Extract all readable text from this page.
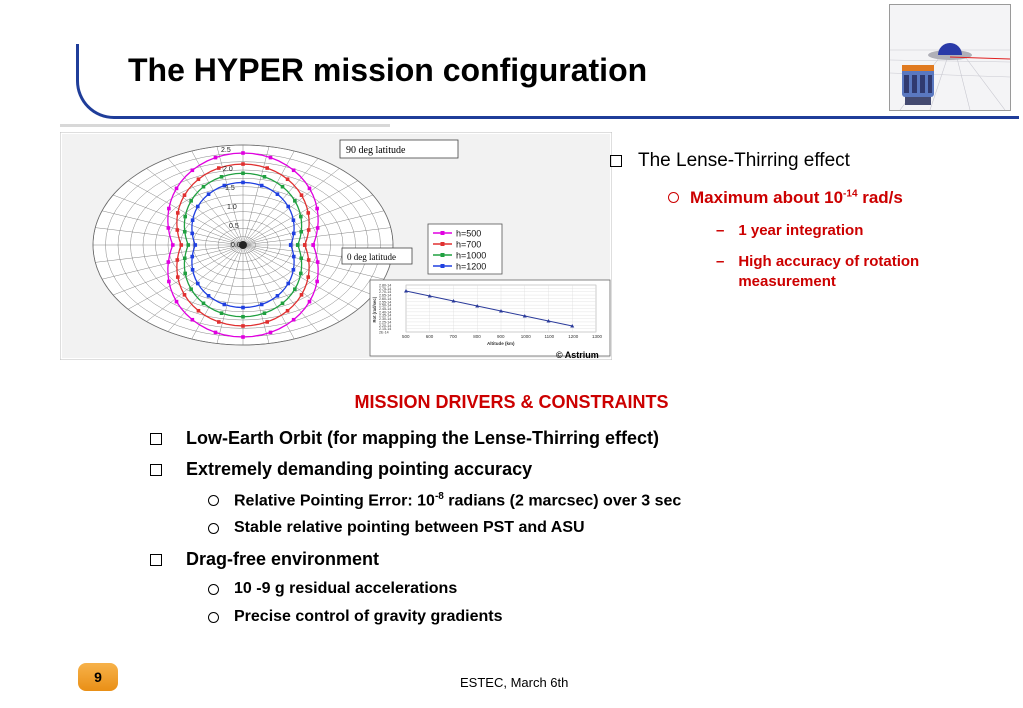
The HYPER mission configuration
2.5
2.0
1.5
1.0
0.5
0.0
90 deg latitude
0 deg latitude
h=500
h=700
h=1000
h=1200
2.80-14
2.75-14
2.70-14
2.65-14
2.60-14
2.55-14
2.50-14
2.45-14
2.40-14
2.35-14
2.30-14
2.25-14
2.20-14
2.15-14
2E-14
500	600	700	800	900	1000	1100	1200	1300
Altitude (km)
Rot (rad/sec)
© Astrium
The Lense-Thirring effect
Maximum about $10^{-14}$ rad/s
– 1 year integration
– High accuracy of rotation measurement
MISSION DRIVERS & CONSTRAINTS
Low-Earth Orbit (for mapping the Lense-Thirring effect)
Extremely demanding pointing accuracy
Relative Pointing Error: $10^{-8}$ radians (2 marcsec) over 3 sec
Stable relative pointing between PST and ASU
Drag-free environment
10 -9 g residual accelerations
Precise control of gravity gradients
9	ESTEC, March 6th
